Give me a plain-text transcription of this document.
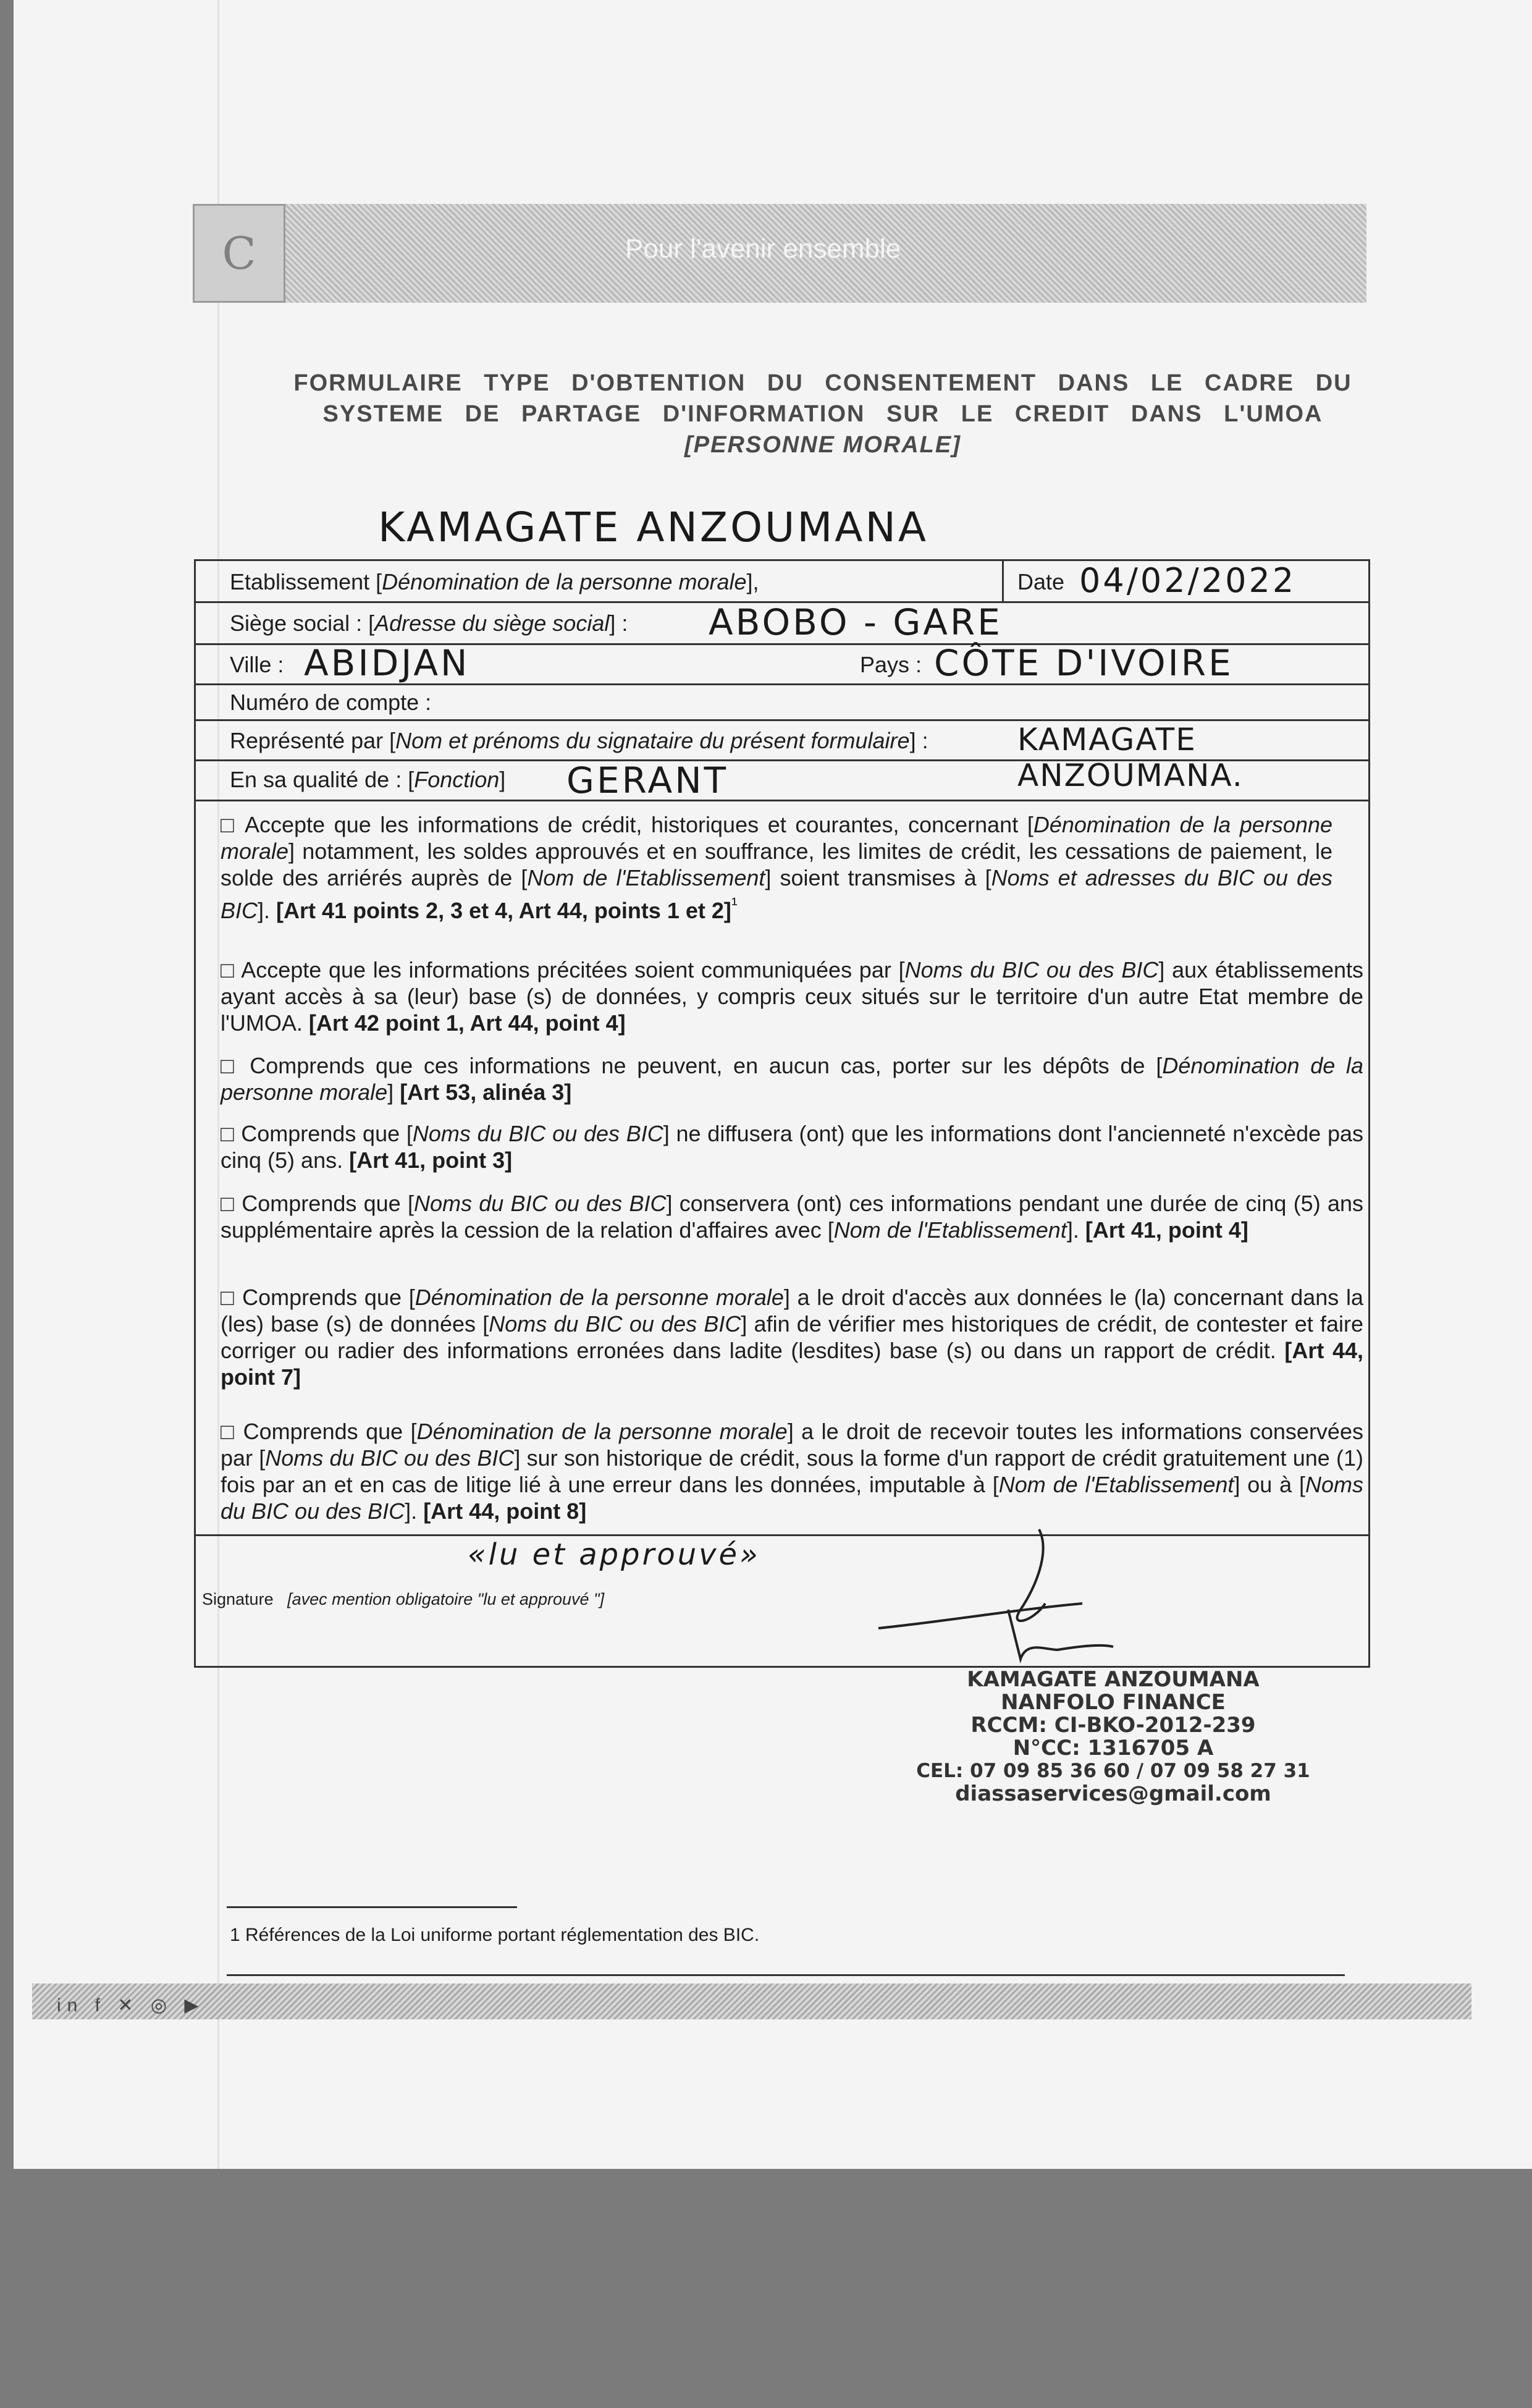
C	Pour l'avenir ensemble
FORMULAIRE TYPE D'OBTENTION DU CONSENTEMENT DANS LE CADRE DU
SYSTEME DE PARTAGE D'INFORMATION SUR LE CREDIT DANS L'UMOA
[PERSONNE MORALE]
KAMAGATE ANZOUMANA
Etablissement [Dénomination de la personne morale],	Date 04/02/2022
Siège social : [Adresse du siège social] : ABOBO - GARE
Ville : ABIDJAN	Pays : CÔTE D'IVOIRE
Numéro de compte :
Représenté par [Nom et prénoms du signataire du présent formulaire] :	KAMAGATE ANZOUMANA.
En sa qualité de : [Fonction] GERANT
□ Accepte que les informations de crédit, historiques et courantes, concernant [Dénomination de la personne morale] notamment, les soldes approuvés et en souffrance, les limites de crédit, les cessations de paiement, le solde des arriérés auprès de [Nom de l'Etablissement] soient transmises à [Noms et adresses du BIC ou des BIC]. [Art 41 points 2, 3 et 4, Art 44, points 1 et 2]$^{^1}$
□ Accepte que les informations précitées soient communiquées par [Noms du BIC ou des BIC] aux établissements ayant accès à sa (leur) base (s) de données, y compris ceux situés sur le territoire d'un autre Etat membre de l'UMOA. [Art 42 point 1, Art 44, point 4]
□ Comprends que ces informations ne peuvent, en aucun cas, porter sur les dépôts de [Dénomination de la personne morale] [Art 53, alinéa 3]
□ Comprends que [Noms du BIC ou des BIC] ne diffusera (ont) que les informations dont l'ancienneté n'excède pas cinq (5) ans. [Art 41, point 3]
□ Comprends que [Noms du BIC ou des BIC] conservera (ont) ces informations pendant une durée de cinq (5) ans supplémentaire après la cession de la relation d'affaires avec [Nom de l'Etablissement]. [Art 41, point 4]
□ Comprends que [Dénomination de la personne morale] a le droit d'accès aux données le (la) concernant dans la (les) base (s) de données [Noms du BIC ou des BIC] afin de vérifier mes historiques de crédit, de contester et faire corriger ou radier des informations erronées dans ladite (lesdites) base (s) ou dans un rapport de crédit. [Art 44, point 7]
□ Comprends que [Dénomination de la personne morale] a le droit de recevoir toutes les informations conservées par [Noms du BIC ou des BIC] sur son historique de crédit, sous la forme d'un rapport de crédit gratuitement une (1) fois par an et en cas de litige lié à une erreur dans les données, imputable à [Nom de l'Etablissement] ou à [Noms du BIC ou des BIC]. [Art 44, point 8]
«lu et approuvé»
Signature [avec mention obligatoire "lu et approuvé "]
KAMAGATE ANZOUMANA
NANFOLO FINANCE
RCCM: CI-BKO-2012-239
N°CC: 1316705 A
CEL: 07 09 85 36 60 / 07 09 58 27 31
diassaservices@gmail.com
1 Références de la Loi uniforme portant réglementation des BIC.
in f ✕ ◎ ▶
